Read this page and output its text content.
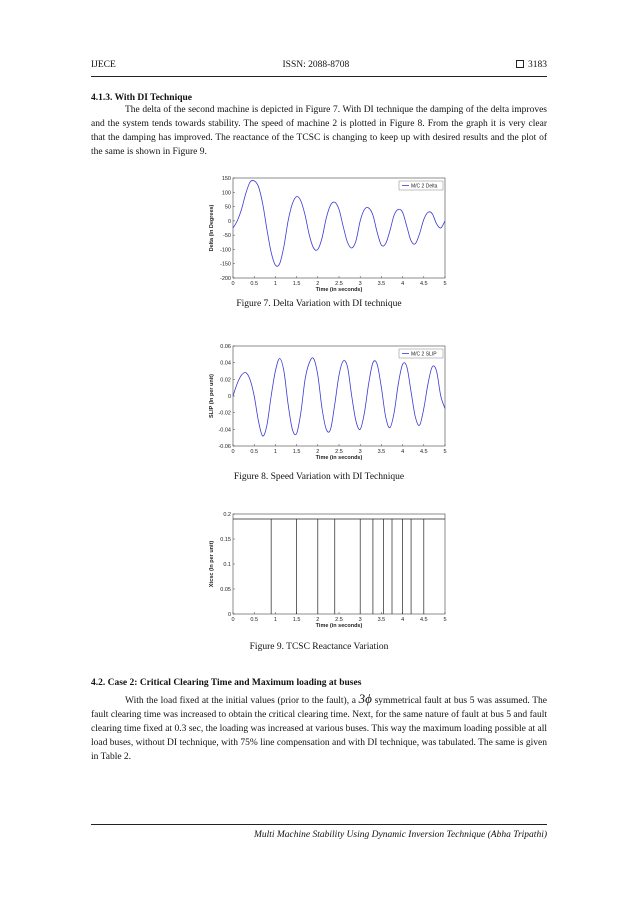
IJECE	ISSN: 2088-8708	3183
4.1.3. With DI Technique

The delta of the second machine is depicted in Figure 7. With DI technique the damping of the delta improves and the system tends towards stability. The speed of machine 2 is plotted in Figure 8. From the graph it is very clear that the damping has improved. The reactance of the TCSC is changing to keep up with desired results and the plot of the same is shown in Figure 9.

0	0.5	1	1.5	2	2.5	3	3.5	4	4.5	5
150
100
50
0
-50
-100
-150
-200
Time (in seconds)
Delta (In Degrees)
M/C 2 Delta
Figure 7. Delta Variation with DI technique
0	0.5	1	1.5	2	2.5	3	3.5	4	4.5	5
0.06
0.04
0.02
0
-0.02
-0.04
-0.06
Time (in seconds)
SLIP (In per unit)
M/C 2 SLIP
Figure 8. Speed Variation with DI Technique
0	0.5	1	1.5	2	2.5	3	3.5	4	4.5	5
0.2
0.15
0.1
0.05
0
Time (in seconds)
Xtcsc (In per unit)
Figure 9. TCSC Reactance Variation
4.2. Case 2: Critical Clearing Time and Maximum loading at buses

With the load fixed at the initial values (prior to the fault), a 3ϕ symmetrical fault at bus 5 was assumed. The fault clearing time was increased to obtain the critical clearing time. Next, for the same nature of fault at bus 5 and fault clearing time fixed at 0.3 sec, the loading was increased at various buses. This way the maximum loading possible at all load buses, without DI technique, with 75% line compensation and with DI technique, was tabulated. The same is given in Table 2.

Multi Machine Stability Using Dynamic Inversion Technique (Abha Tripathi)
